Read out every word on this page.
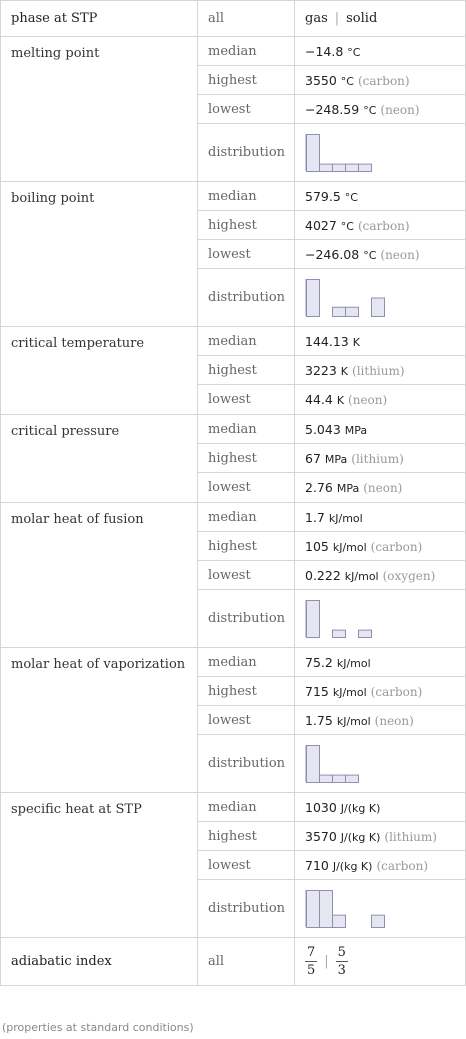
phase at STP	all	gas | solid
melting point	median	−14.8 °C
	highest	3550 °C (carbon)
	lowest	−248.59 °C (neon)
	distribution	

boiling point	median	579.5 °C
	highest	4027 °C (carbon)
	lowest	−246.08 °C (neon)
	distribution	

critical temperature	median	144.13 K
	highest	3223 K (lithium)
	lowest	44.4 K (neon)
critical pressure	median	5.043 MPa
	highest	67 MPa (lithium)
	lowest	2.76 MPa (neon)
molar heat of fusion	median	1.7 kJ/mol
	highest	105 kJ/mol (carbon)
	lowest	0.222 kJ/mol (oxygen)
	distribution	

molar heat of vaporization	median	75.2 kJ/mol
	highest	715 kJ/mol (carbon)
	lowest	1.75 kJ/mol (neon)
	distribution	

specific heat at STP	median	1030 J/(kg K)
	highest	3570 J/(kg K) (lithium)
	lowest	710 J/(kg K) (carbon)
	distribution	

adiabatic index	all	$\frac{7}{5}$ | $\frac{5}{3}$
(properties at standard conditions)
